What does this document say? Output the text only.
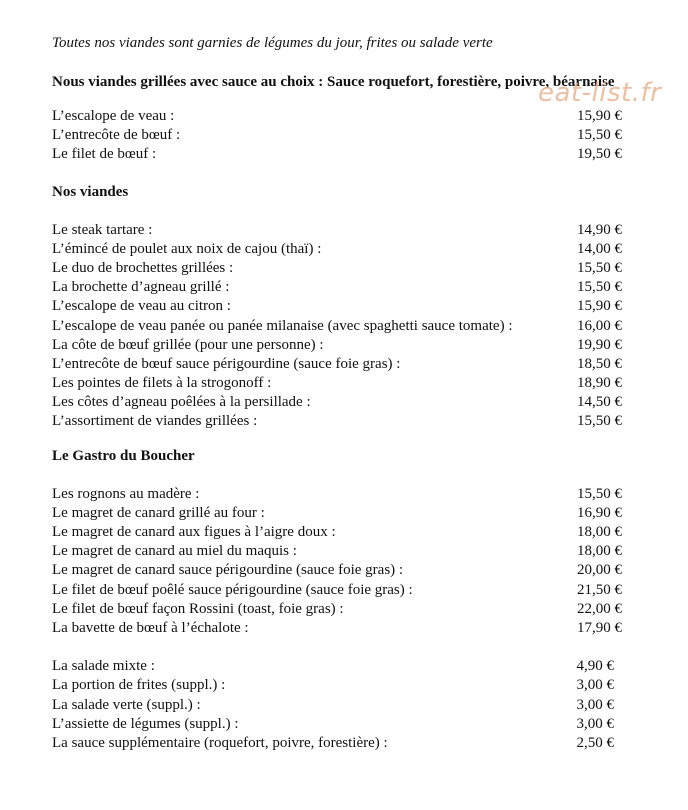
Toutes nos viandes sont garnies de légumes du jour, frites ou salade verte

Nous viandes grillées avec sauce au choix : Sauce roquefort, forestière, poivre, béarnaise

L’escalope de veau :	15,90 €
L’entrecôte de bœuf :	15,50 €
Le filet de bœuf :	19,50 €

Nos viandes

Le steak tartare :	14,90 €
L’émincé de poulet aux noix de cajou (thaï) :	14,00 €
Le duo de brochettes grillées :	15,50 €
La brochette d’agneau grillé :	15,50 €
L’escalope de veau au citron :	15,90 €
L’escalope de veau panée ou panée milanaise (avec spaghetti sauce tomate) :	16,00 €
La côte de bœuf grillée (pour une personne) :	19,90 €
L’entrecôte de bœuf sauce périgourdine (sauce foie gras) :	18,50 €
Les pointes de filets à la strogonoff :	18,90 €
Les côtes d’agneau poêlées à la persillade :	14,50 €
L’assortiment de viandes grillées :	15,50 €

Le Gastro du Boucher

Les rognons au madère :	15,50 €
Le magret de canard grillé au four :	16,90 €
Le magret de canard aux figues à l’aigre doux :	18,00 €
Le magret de canard au miel du maquis :	18,00 €
Le magret de canard sauce périgourdine (sauce foie gras) :	20,00 €
Le filet de bœuf poêlé sauce périgourdine (sauce foie gras) :	21,50 €
Le filet de bœuf façon Rossini (toast, foie gras) :	22,00 €
La bavette de bœuf à l’échalote :	17,90 €
La salade mixte :	4,90 €
La portion de frites (suppl.) :	3,00 €
La salade verte (suppl.) :	3,00 €
L’assiette de légumes (suppl.) :	3,00 €
La sauce supplémentaire (roquefort, poivre, forestière) :	2,50 €
eat-list.fr
